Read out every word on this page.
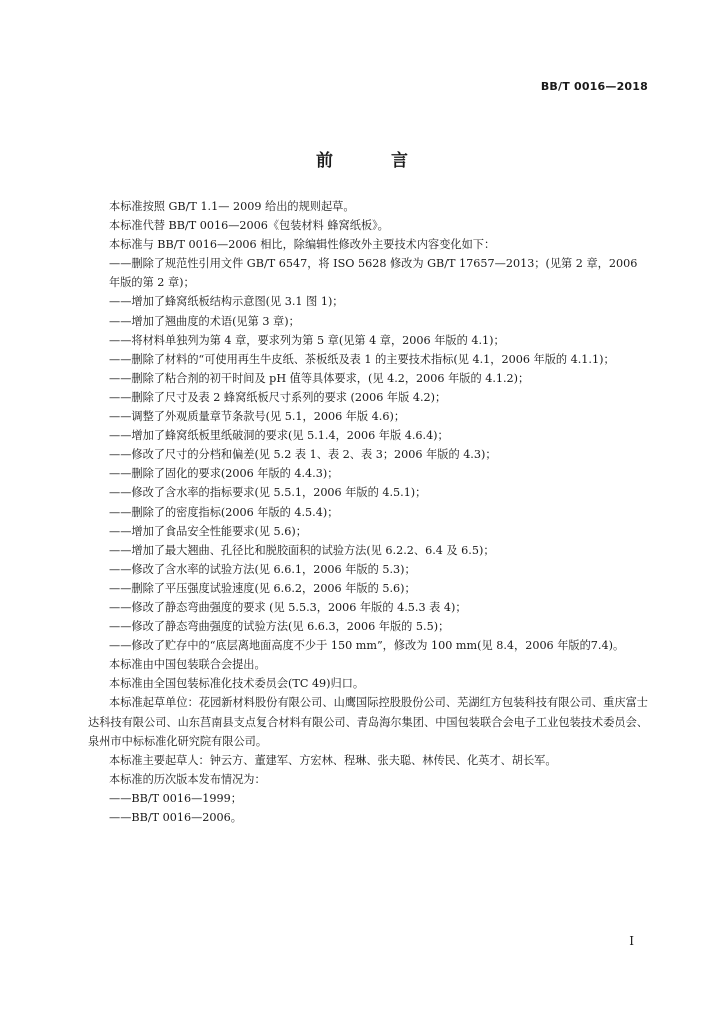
BB/T 0016—2018
前 言

本标准按照 GB/T 1.1— 2009 给出的规则起草。

本标准代替 BB/T 0016—2006《包装材料 蜂窝纸板》。

本标准与 BB/T 0016—2006 相比，除编辑性修改外主要技术内容变化如下：

——删除了规范性引用文件 GB/T 6547，将 ISO 5628 修改为 GB/T 17657—2013；(见第 2 章，2006 年版的第 2 章)；

——增加了蜂窝纸板结构示意图(见 3.1 图 1)；

——增加了翘曲度的术语(见第 3 章)；

——将材料单独列为第 4 章，要求列为第 5 章(见第 4 章，2006 年版的 4.1)；

——删除了材料的“可使用再生牛皮纸、茶板纸及表 1 的主要技术指标(见 4.1，2006 年版的 4.1.1)；

——删除了粘合剂的初干时间及 pH 值等具体要求，(见 4.2，2006 年版的 4.1.2)；

——删除了尺寸及表 2 蜂窝纸板尺寸系列的要求 (2006 年版 4.2)；

——调整了外观质量章节条款号(见 5.1，2006 年版 4.6)；

——增加了蜂窝纸板里纸破洞的要求(见 5.1.4，2006 年版 4.6.4)；

——修改了尺寸的分档和偏差(见 5.2 表 1、表 2、表 3；2006 年版的 4.3)；

——删除了固化的要求(2006 年版的 4.4.3)；

——修改了含水率的指标要求(见 5.5.1，2006 年版的 4.5.1)；

——删除了的密度指标(2006 年版的 4.5.4)；

——增加了食品安全性能要求(见 5.6)；

——增加了最大翘曲、孔径比和脱胶面积的试验方法(见 6.2.2、6.4 及 6.5)；

——修改了含水率的试验方法(见 6.6.1，2006 年版的 5.3)；

——删除了平压强度试验速度(见 6.6.2，2006 年版的 5.6)；

——修改了静态弯曲强度的要求 (见 5.5.3，2006 年版的 4.5.3 表 4)；

——修改了静态弯曲强度的试验方法(见 6.6.3，2006 年版的 5.5)；

——修改了贮存中的“底层离地面高度不少于 150 mm”，修改为 100 mm(见 8.4，2006 年版的7.4)。

本标准由中国包装联合会提出。

本标准由全国包装标准化技术委员会(TC 49)归口。

本标准起草单位：花园新材料股份有限公司、山鹰国际控股股份公司、芜湖红方包装科技有限公司、重庆富士达科技有限公司、山东莒南县支点复合材料有限公司、青岛海尔集团、中国包装联合会电子工业包装技术委员会、泉州市中标标准化研究院有限公司。

本标准主要起草人：钟云方、董建军、方宏林、程琳、张夫聪、林传民、化英才、胡长军。

本标准的历次版本发布情况为：

——BB/T 0016—1999；

——BB/T 0016—2006。

I
